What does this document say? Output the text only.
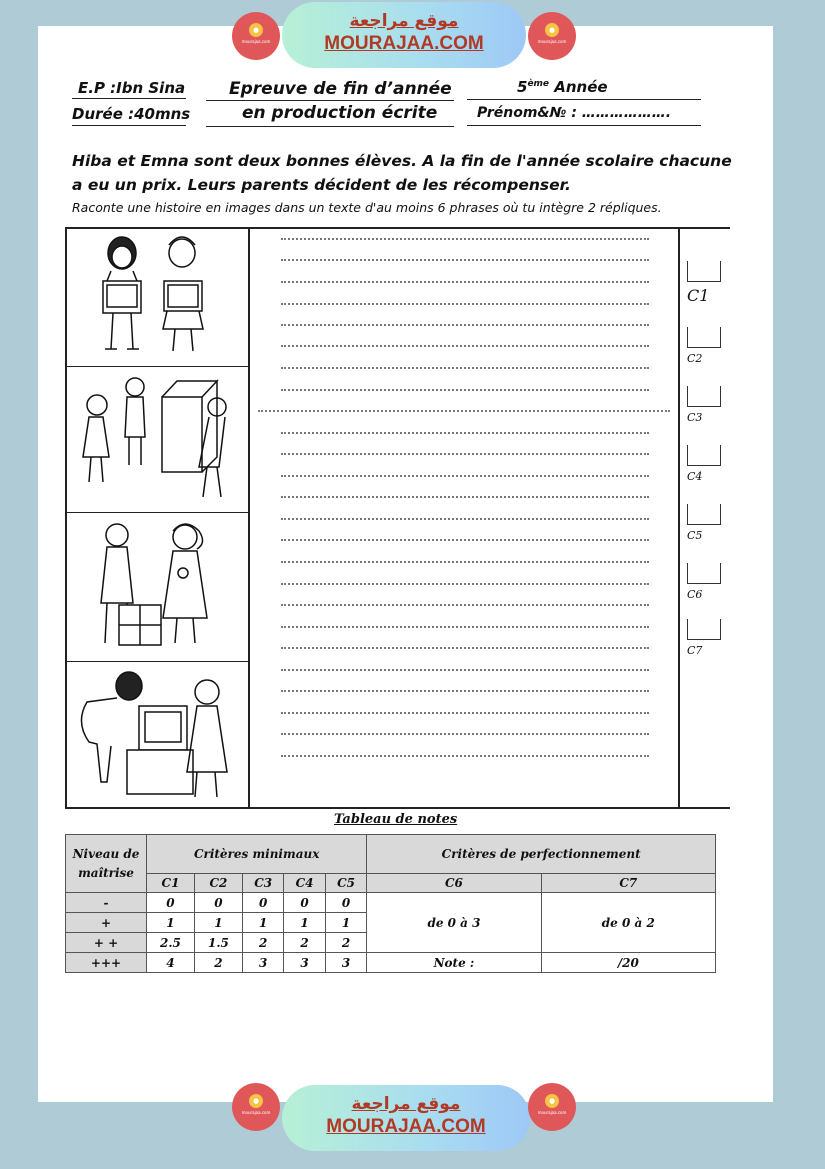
●
mourajaa.com
موقع مراجعة
MOURAJAA.COM
●
mourajaa.com
E.P :Ibn Sina
Durée :40mns
Epreuve de fin d’année
en production écrite
5ème Année
Prénom&№ : ……………….
Hiba et Emna sont deux bonnes élèves. A la fin de l'année scolaire chacune
a eu un prix. Leurs parents décident de les récompenser.
Raconte une histoire en images dans un texte d'au moins 6 phrases où tu intègre 2 répliques.
C1
C2
C3
C4
C5
C6
C7
Tableau de notes
Niveau de maîtrise	Critères minimaux					Critères de perfectionnement	
	C1	C2	C3	C4	C5	C6	C7
-	0	0	0	0	0	de 0 à 3	de 0 à 2
+	1	1	1	1	1		
+ +	2.5	1.5	2	2	2		
+++	4	2	3	3	3	Note :	/20
●
mourajaa.com	موقع مراجعة
MOURAJAA.COM
●
mourajaa.com
